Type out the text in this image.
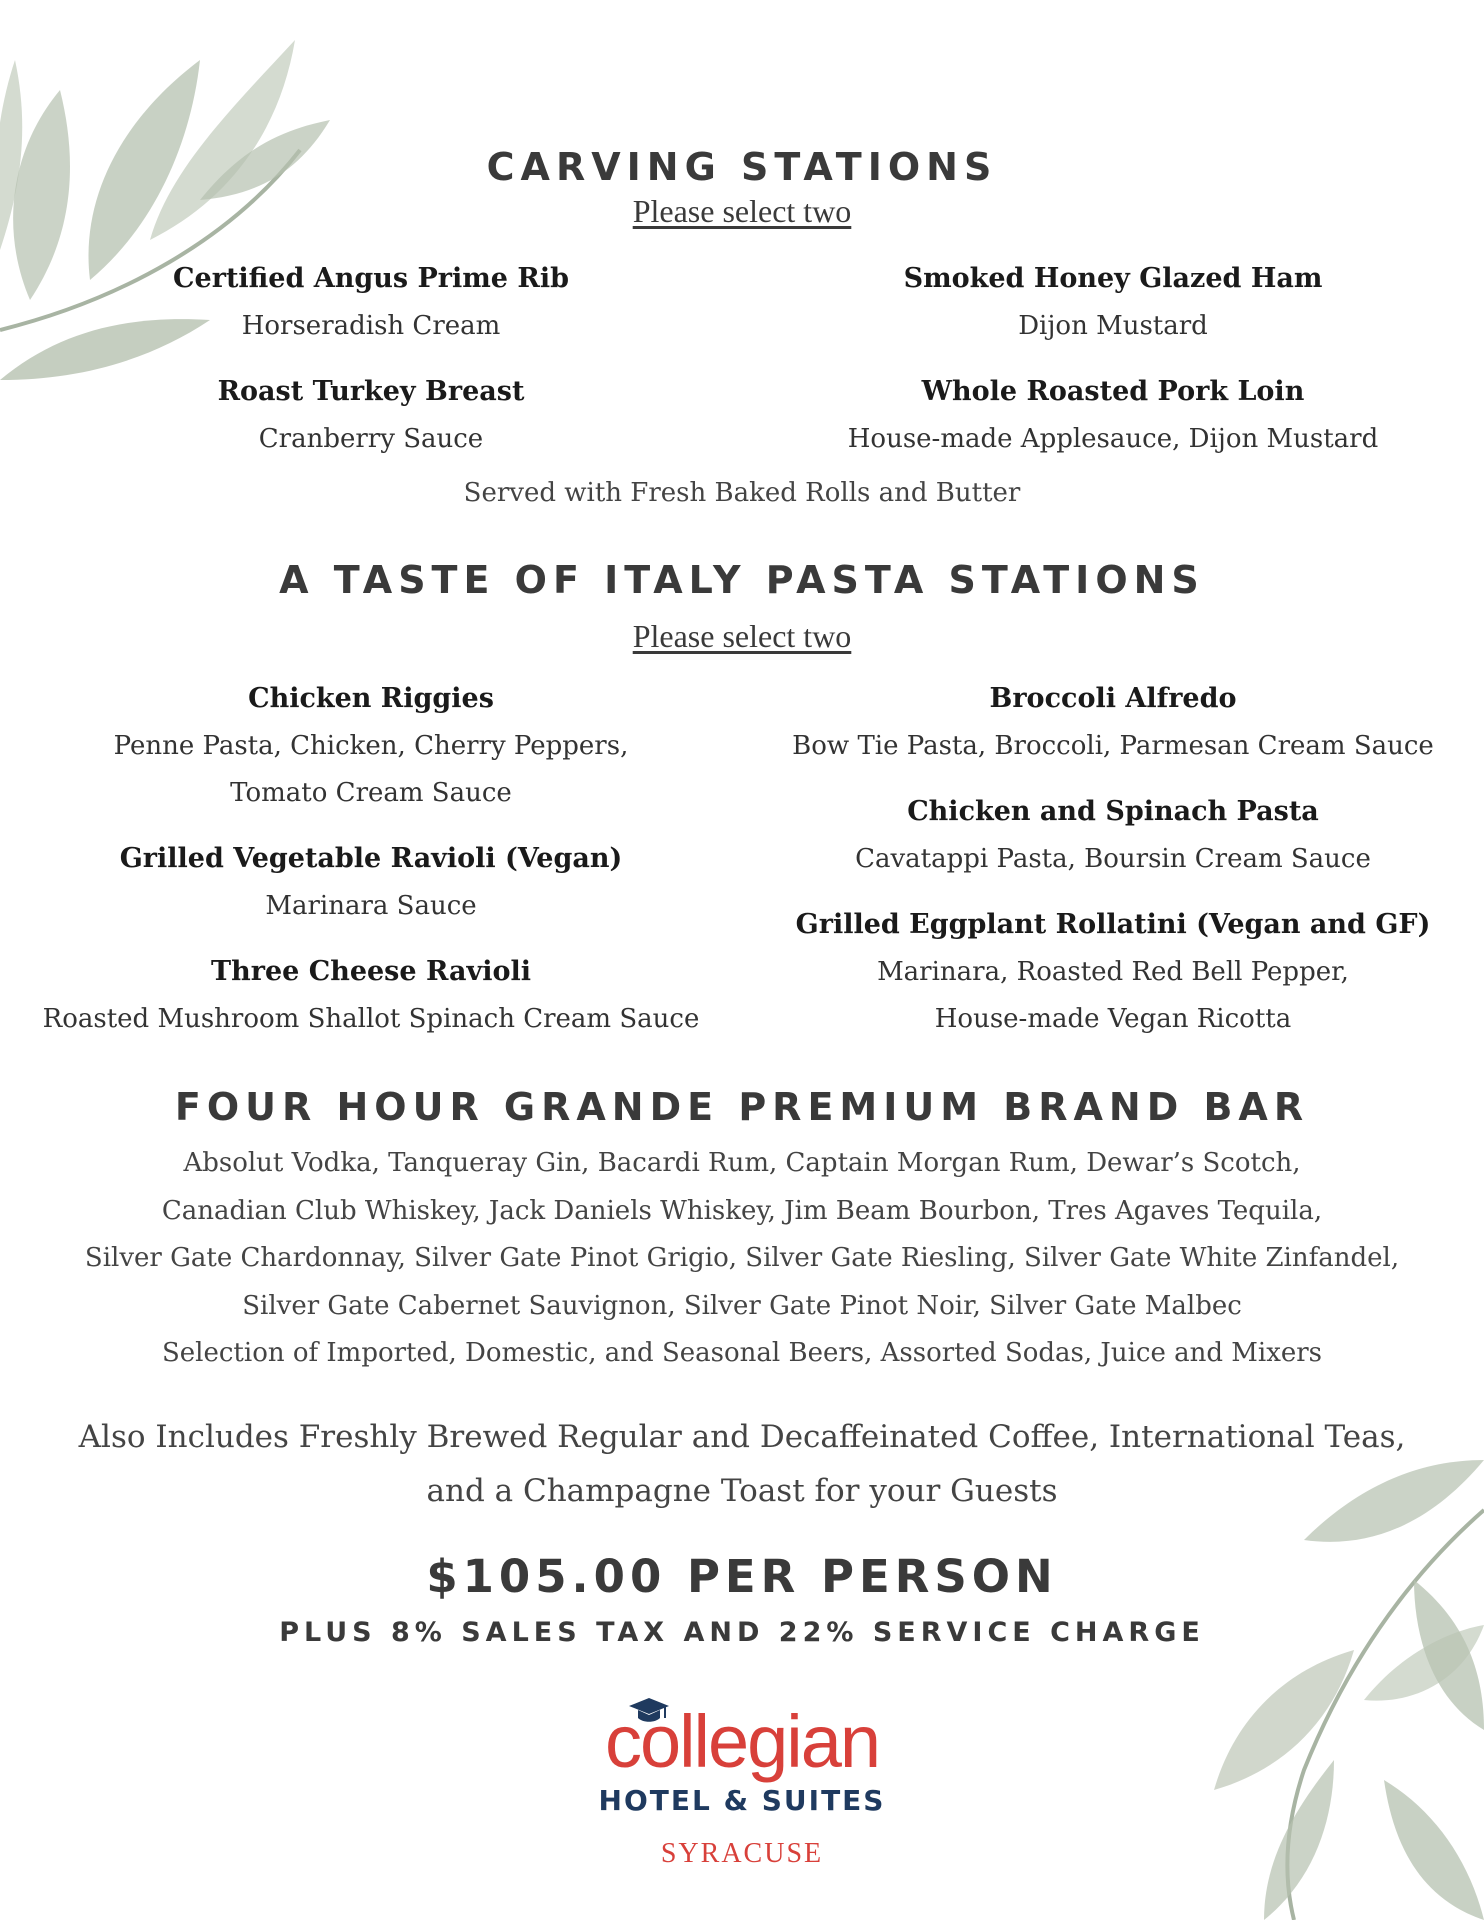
CARVING STATIONS
Please select two
Certified Angus Prime Rib
Horseradish Cream
Roast Turkey Breast
Cranberry Sauce
Smoked Honey Glazed Ham
Dijon Mustard
Whole Roasted Pork Loin
House-made Applesauce, Dijon Mustard
Served with Fresh Baked Rolls and Butter
A TASTE OF ITALY PASTA STATIONS
Please select two
Chicken Riggies
Penne Pasta, Chicken, Cherry Peppers,
Tomato Cream Sauce
Grilled Vegetable Ravioli (Vegan)
Marinara Sauce
Three Cheese Ravioli
Roasted Mushroom Shallot Spinach Cream Sauce
Broccoli Alfredo
Bow Tie Pasta, Broccoli, Parmesan Cream Sauce
Chicken and Spinach Pasta
Cavatappi Pasta, Boursin Cream Sauce
Grilled Eggplant Rollatini (Vegan and GF)
Marinara, Roasted Red Bell Pepper,
House-made Vegan Ricotta
FOUR HOUR GRANDE PREMIUM BRAND BAR
Absolut Vodka, Tanqueray Gin, Bacardi Rum, Captain Morgan Rum, Dewar’s Scotch,
Canadian Club Whiskey, Jack Daniels Whiskey, Jim Beam Bourbon, Tres Agaves Tequila,
Silver Gate Chardonnay, Silver Gate Pinot Grigio, Silver Gate Riesling, Silver Gate White Zinfandel,
Silver Gate Cabernet Sauvignon, Silver Gate Pinot Noir, Silver Gate Malbec
Selection of Imported, Domestic, and Seasonal Beers, Assorted Sodas, Juice and Mixers
Also Includes Freshly Brewed Regular and Decaffeinated Coffee, International Teas,
and a Champagne Toast for your Guests
$105.00 PER PERSON
PLUS 8% SALES TAX AND 22% SERVICE CHARGE
collegian
HOTEL & SUITES
SYRACUSE
